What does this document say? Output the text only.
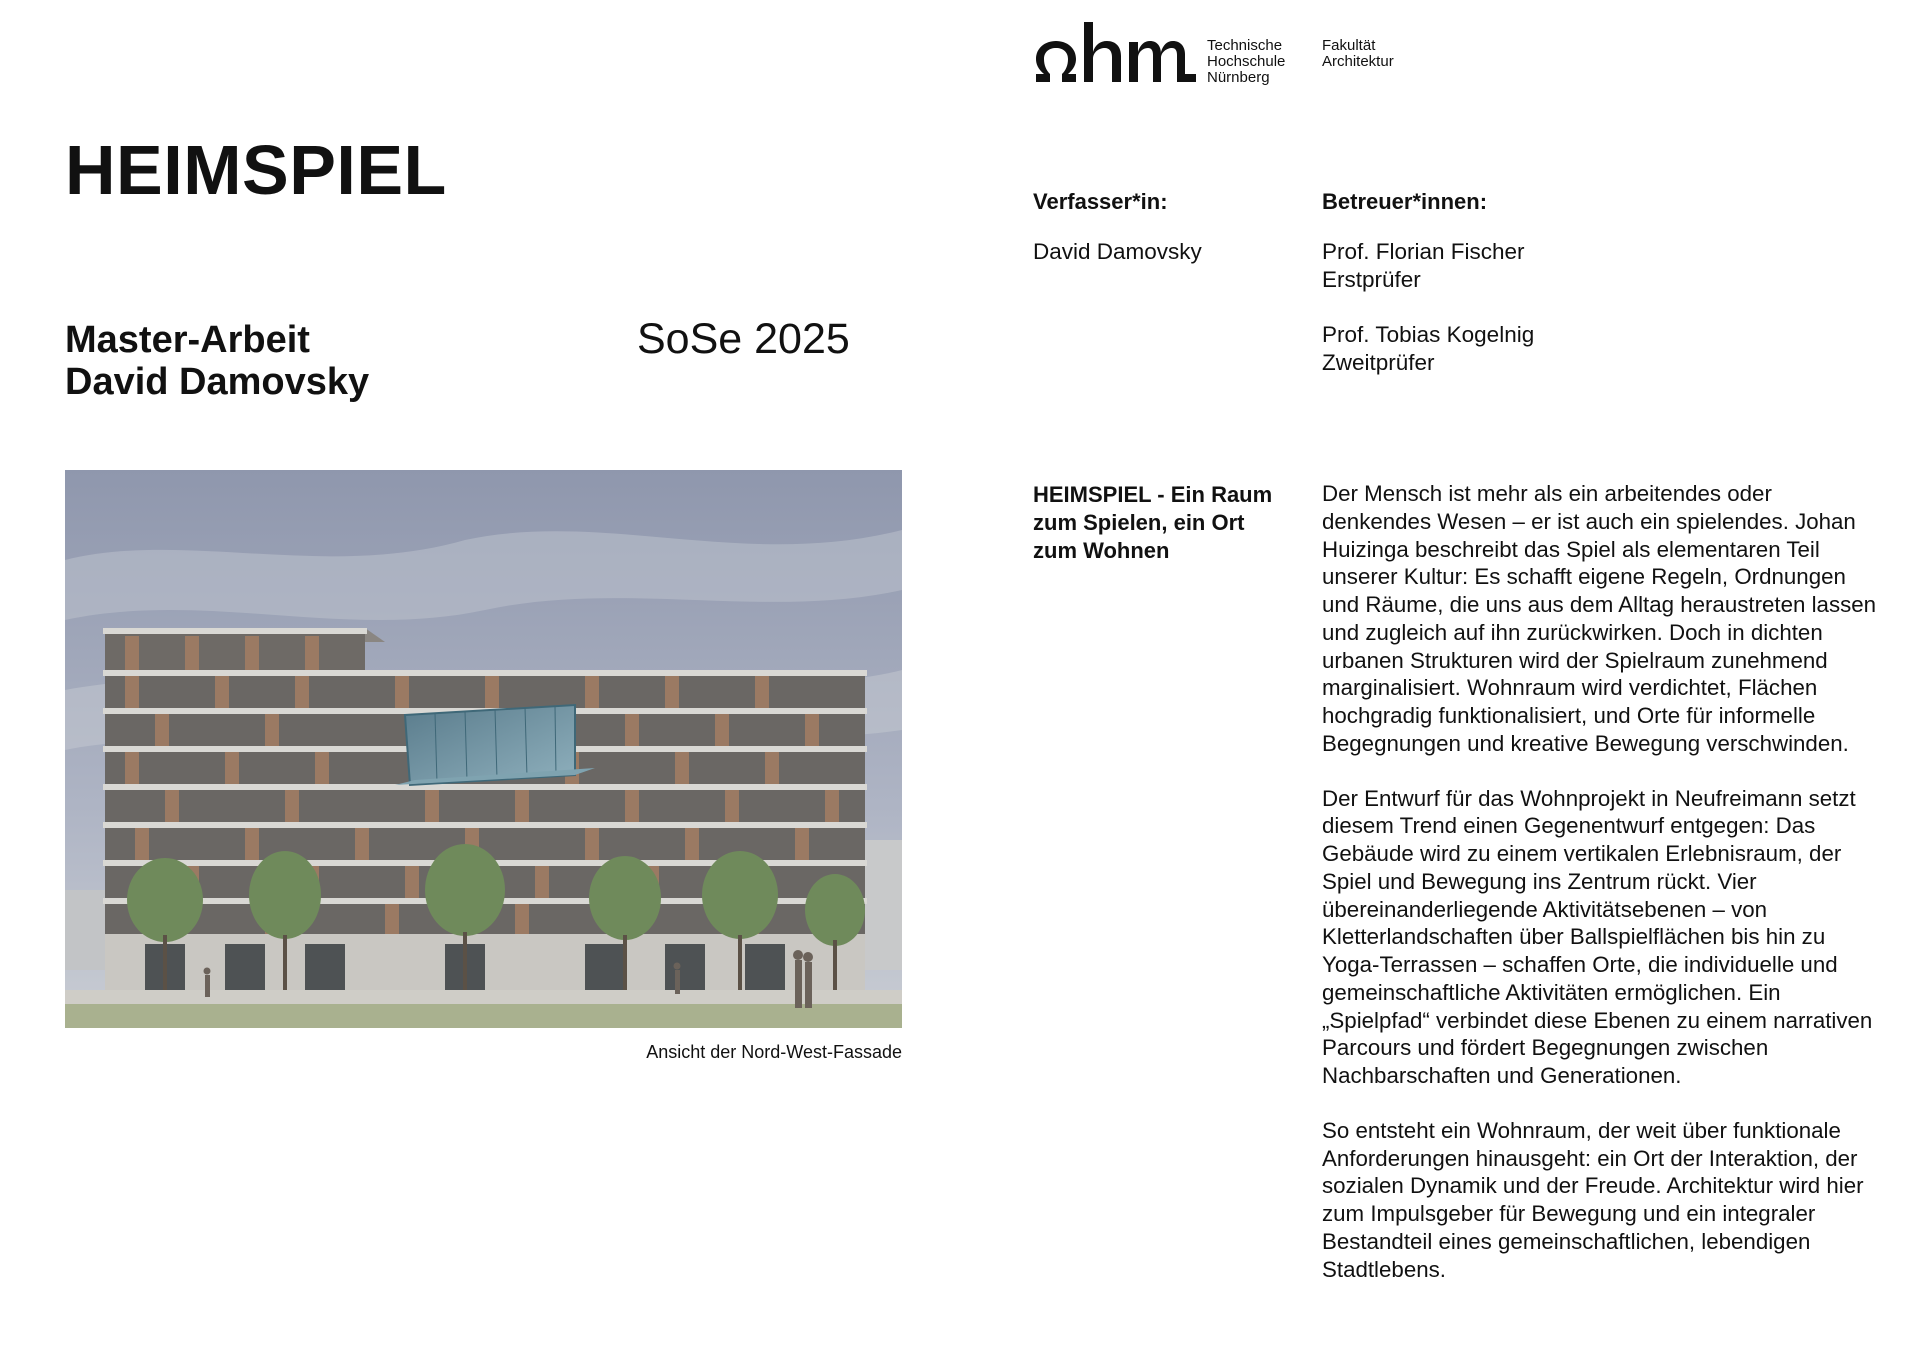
Technische
Hochschule
Nürnberg
Fakultät
Architektur
HEIMSPIEL
Master-Arbeit
David Damovsky
SoSe 2025
Ansicht der Nord-West-Fassade
Verfasser*in:
David Damovsky
Betreuer*innen:
Prof. Florian Fischer
Erstprüfer
Prof. Tobias Kogelnig
Zweitprüfer
HEIMSPIEL - Ein Raum
zum Spielen, ein Ort
zum Wohnen

Der Mensch ist mehr als ein arbeitendes oder denkendes Wesen – er ist auch ein spielendes. Johan Huizinga beschreibt das Spiel als elementaren Teil unserer Kultur: Es schafft eigene Regeln, Ordnungen und Räume, die uns aus dem Alltag heraustreten lassen und zugleich auf ihn zurückwirken. Doch in dichten urbanen Strukturen wird der Spielraum zunehmend marginalisiert. Wohnraum wird verdichtet, Flächen hochgradig funktionalisiert, und Orte für informelle Begegnungen und kreative Bewegung verschwinden.

Der Entwurf für das Wohnprojekt in Neufreimann setzt diesem Trend einen Gegenentwurf entgegen: Das Gebäude wird zu einem vertikalen Erlebnisraum, der Spiel und Bewegung ins Zentrum rückt. Vier übereinanderliegende Aktivitätsebenen – von Kletterlandschaften über Ballspielflächen bis hin zu Yoga-Terrassen – schaffen Orte, die individuelle und gemeinschaftliche Aktivitäten ermöglichen. Ein „Spielpfad“ verbindet diese Ebenen zu einem narrativen Parcours und fördert Begegnungen zwischen Nachbarschaften und Generationen.

So entsteht ein Wohnraum, der weit über funktionale Anforderungen hinausgeht: ein Ort der Interaktion, der sozialen Dynamik und der Freude. Architektur wird hier zum Impulsgeber für Bewegung und ein integraler Bestandteil eines gemeinschaftlichen, lebendigen Stadtlebens.
